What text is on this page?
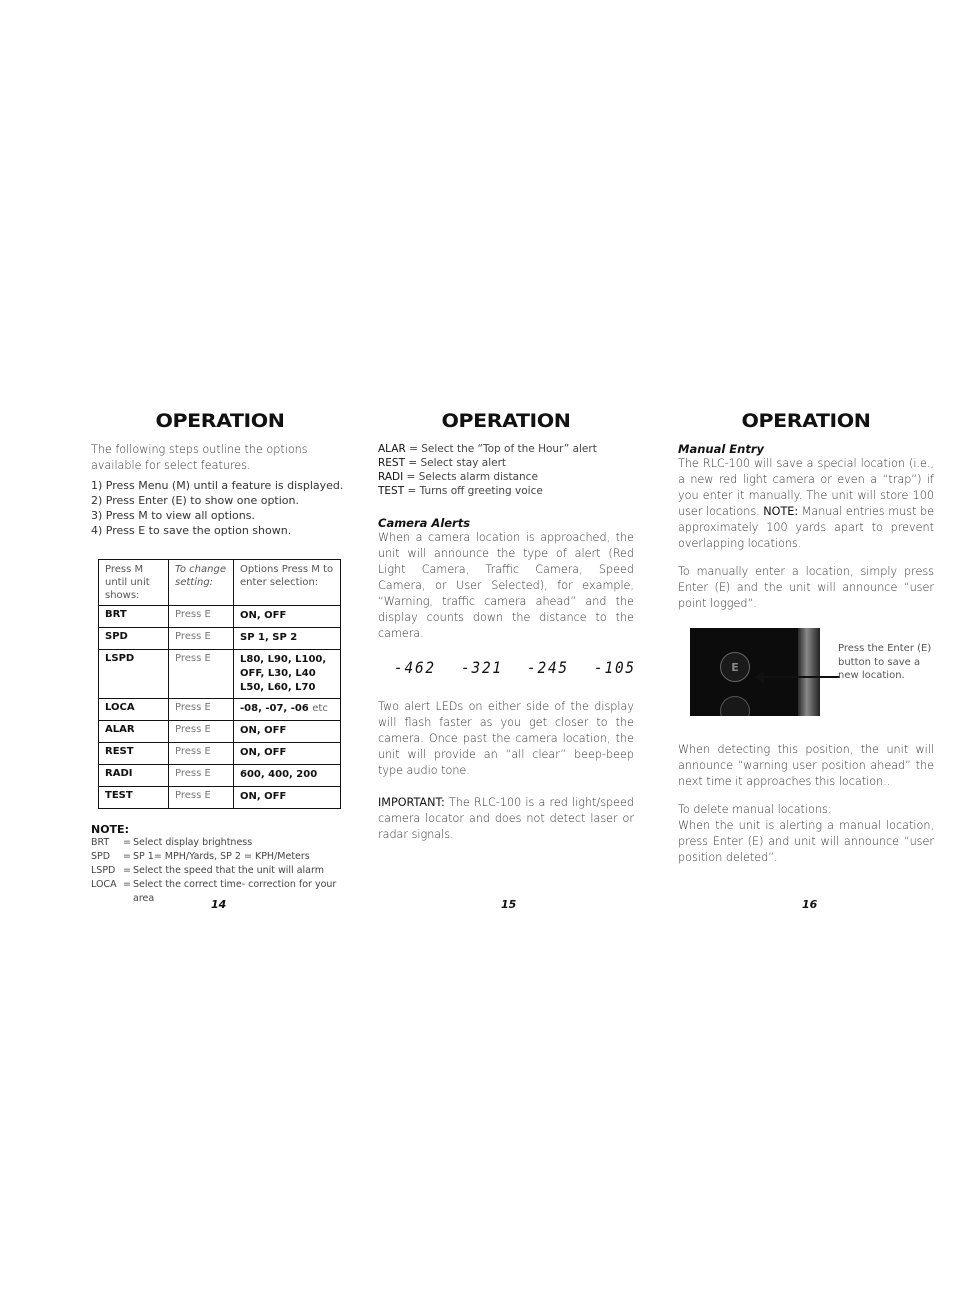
OPERATION

The following steps outline the options available for select features.

1) Press Menu (M) until a feature is displayed.
2) Press Enter (E) to show one option.
3) Press M to view all options.
4) Press E to save the option shown.
Press M until unit shows:	To change setting:	Options Press M to enter selection:
BRT	Press E	ON, OFF
SPD	Press E	SP 1, SP 2
LSPD	Press E	L80, L90, L100, OFF, L30, L40 L50, L60, L70
LOCA	Press E	-08, -07, -06 etc
ALAR	Press E	ON, OFF
REST	Press E	ON, OFF
RADI	Press E	600, 400, 200
TEST	Press E	ON, OFF
NOTE:
BRT	= Select display brightness
SPD	= SP 1= MPH/Yards, SP 2 = KPH/Meters
LSPD = Select the speed that the unit will alarm
LOCA = Select the correct time- correction for your area	14
OPERATION
ALAR = Select the “Top of the Hour” alert
REST = Select stay alert
RADI = Selects alarm distance
TEST = Turns off greeting voice
Camera Alerts

When a camera location is approached, the unit will announce the type of alert (Red Light Camera, Traffic Camera, Speed Camera, or User Selected), for example, “Warning, traffic camera ahead” and the display counts down the distance to the camera.

-462 -321 -245 -105

Two alert LEDs on either side of the display will flash faster as you get closer to the camera. Once past the camera location, the unit will provide an “all clear” beep-beep type audio tone.

IMPORTANT: The RLC-100 is a red light/speed camera locator and does not detect laser or radar signals.

15
OPERATION
Manual Entry

The RLC-100 will save a special location (i.e., a new red light camera or even a “trap”) if you enter it manually. The unit will store 100 user locations. NOTE: Manual entries must be approximately 100 yards apart to prevent overlapping locations.

To manually enter a location, simply press Enter (E) and the unit will announce “user point logged”.

E
Press the Enter (E) button to save a new location.

When detecting this position, the unit will announce “warning user position ahead” the next time it approaches this location..

To delete manual locations:

When the unit is alerting a manual location, press Enter (E) and unit will announce “user position deleted”.

16
